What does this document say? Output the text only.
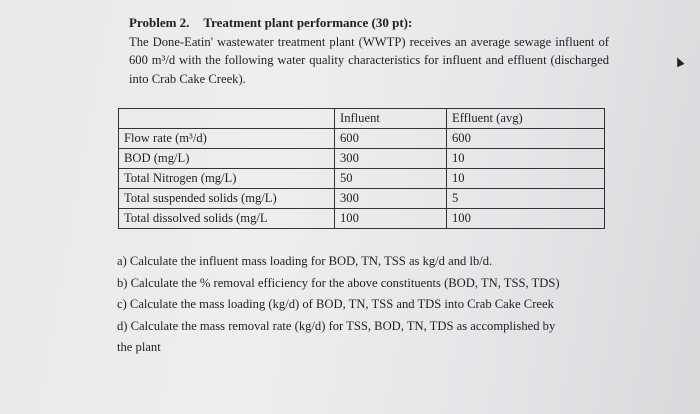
Problem 2. Treatment plant performance (30 pt):

The Done-Eatin' wastewater treatment plant (WWTP) receives an average sewage influent of 600 m³/d with the following water quality characteristics for influent and effluent (discharged into Crab Cake Creek).

	Influent	Effluent (avg)
Flow rate (m³/d)	600	600
BOD (mg/L)	300	10
Total Nitrogen (mg/L)	50	10
Total suspended solids (mg/L)	300	5
Total dissolved solids (mg/L	100	100
a) Calculate the influent mass loading for BOD, TN, TSS as kg/d and lb/d.
b) Calculate the % removal efficiency for the above constituents (BOD, TN, TSS, TDS)
c) Calculate the mass loading (kg/d) of BOD, TN, TSS and TDS into Crab Cake Creek
d) Calculate the mass removal rate (kg/d) for TSS, BOD, TN, TDS as accomplished by
the plant
